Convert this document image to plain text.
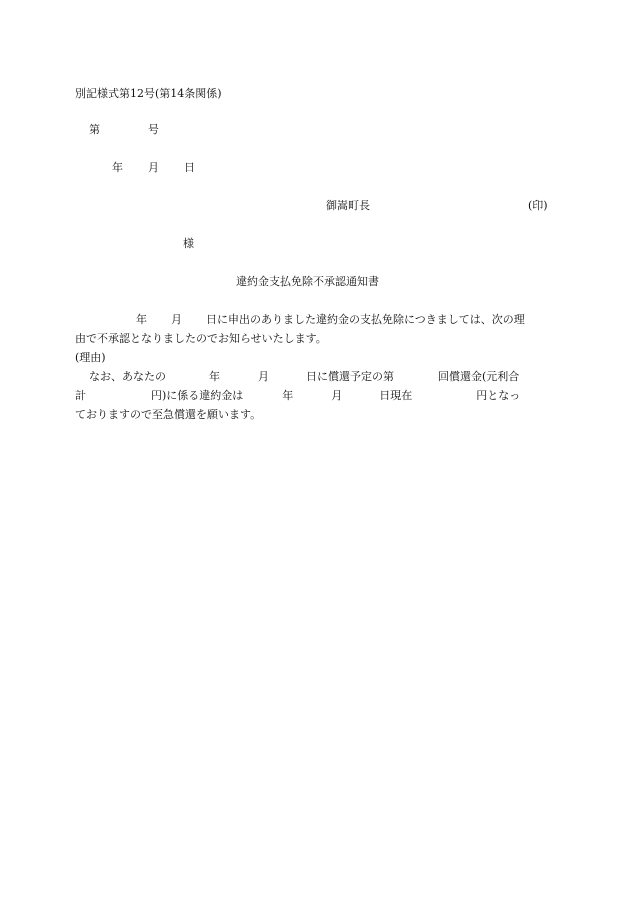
別記様式第12号(第14条関係)
第	号
年 月 日
御嵩町長	(印)
様
違約金支払免除不承認通知書
年 月 日に申出のありました違約金の支払免除につきましては、次の理
由で不承認となりましたのでお知らせいたします。
(理由)
なお、あなたの	年	月	日に償還予定の第	回償還金(元利合
計	円)に係る違約金は	年	月	日現在	円となっ
ておりますので至急償還を願います。
